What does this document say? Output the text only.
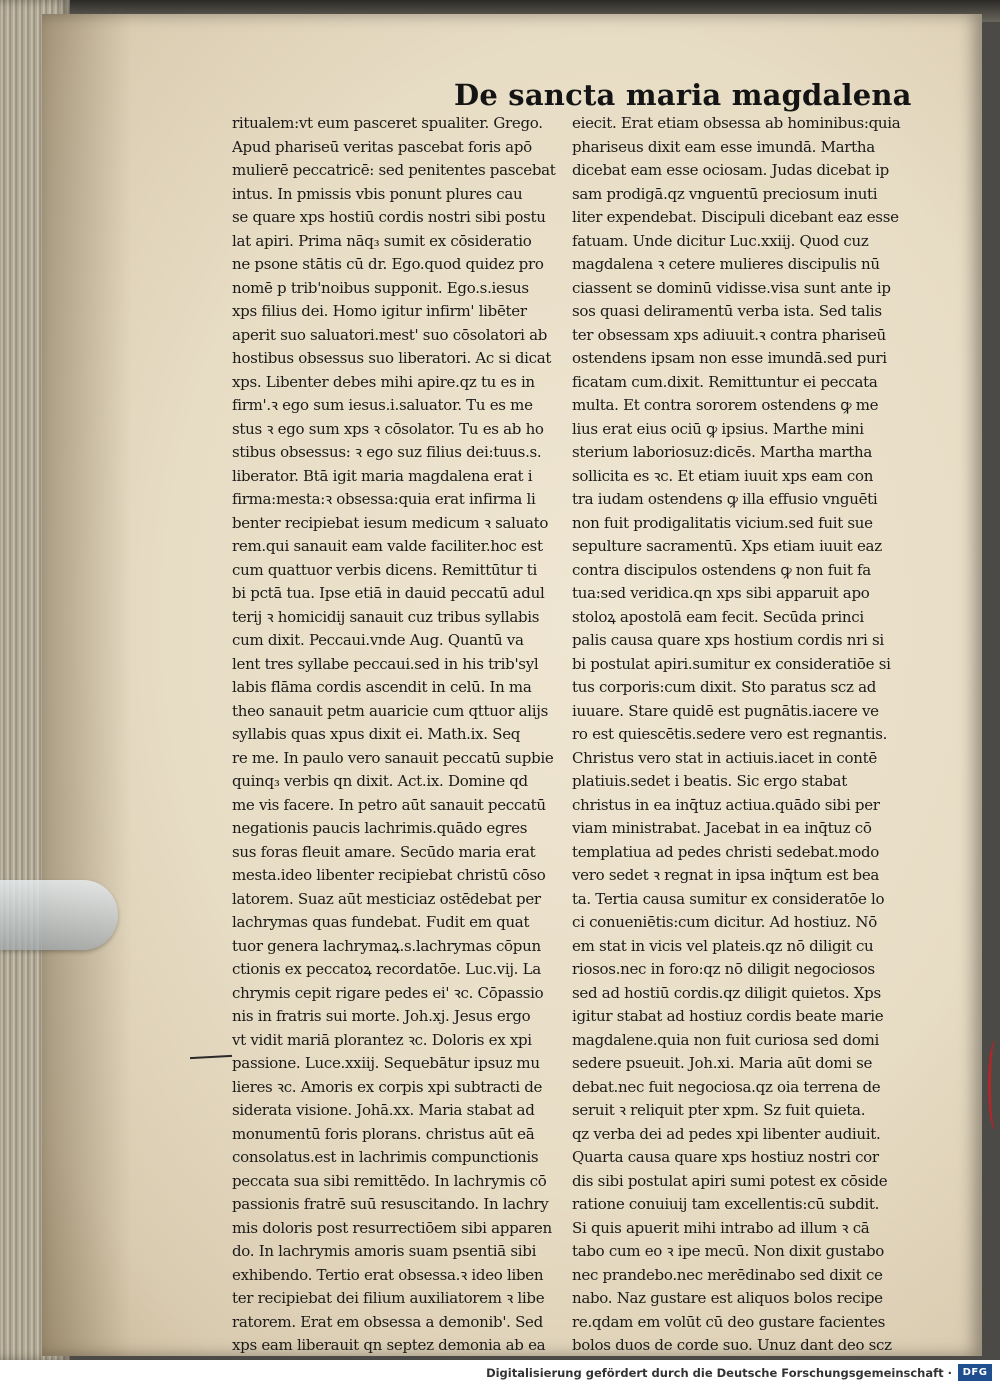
De sancta maria magdalena
ritualem:vt eum pasceret spualiter. Grego.
Apud phariseū veritas pascebat foris apō
mulierē peccatricē: sed penitentes pascebat
intus. In pmissis vbis ponunt plures cau
se quare xps hostiū cordis nostri sibi postu
lat apiri. Prima nāq₃ sumit ex cōsideratio
ne psone stātis cū dr. Ego.quod quidez pro
nomē p trib'noibus supponit. Ego.s.iesus
xps filius dei. Homo igitur infirm' libēter
aperit suo saluatori.mest' suo cōsolatori ab
hostibus obsessus suo liberatori. Ac si dicat
xps. Libenter debes mihi apire.qz tu es in
firm'.ꝛ ego sum iesus.i.saluator. Tu es me
stus ꝛ ego sum xps ꝛ cōsolator. Tu es ab ho
stibus obsessus: ꝛ ego suz filius dei:tuus.s.
liberator. Btā igit maria magdalena erat i
firma:mesta:ꝛ obsessa:quia erat infirma li
benter recipiebat iesum medicum ꝛ saluato
rem.qui sanauit eam valde faciliter.hoc est
cum quattuor verbis dicens. Remittūtur ti
bi pctā tua. Ipse etiā in dauid peccatū adul
terij ꝛ homicidij sanauit cuz tribus syllabis
cum dixit. Peccaui.vnde Aug. Quantū va
lent tres syllabe peccaui.sed in his trib'syl
labis flāma cordis ascendit in celū. In ma
theo sanauit petm auaricie cum qttuor alijs
syllabis quas xpus dixit ei. Math.ix. Seq
re me. In paulo vero sanauit peccatū supbie
quinq₃ verbis qn dixit. Act.ix. Domine qd
me vis facere. In petro aūt sanauit peccatū
negationis paucis lachrimis.quādo egres
sus foras fleuit amare. Secūdo maria erat
mesta.ideo libenter recipiebat christū cōso
latorem. Suaz aūt mesticiaz ostēdebat per
lachrymas quas fundebat. Fudit em quat
tuor genera lachrymaꝝ.s.lachrymas cōpun
ctionis ex peccatoꝝ recordatōe. Luc.vij. La
chrymis cepit rigare pedes ei' ꝛc. Cōpassio
nis in fratris sui morte. Joh.xj. Jesus ergo
vt vidit mariā plorantez ꝛc. Doloris ex xpi
passione. Luce.xxiij. Sequebātur ipsuz mu
lieres ꝛc. Amoris ex corpis xpi subtracti de
siderata visione. Johā.xx. Maria stabat ad
monumentū foris plorans. christus aūt eā
consolatus.est in lachrimis compunctionis
peccata sua sibi remittēdo. In lachrymis cō
passionis fratrē suū resuscitando. In lachry
mis doloris post resurrectiōem sibi apparen
do. In lachrymis amoris suam psentiā sibi
exhibendo. Tertio erat obsessa.ꝛ ideo liben
ter recipiebat dei filium auxiliatorem ꝛ libe
ratorem. Erat em obsessa a demonib'. Sed
xps eam liberauit qn septez demonia ab ea
eiecit. Erat etiam obsessa ab hominibus:quia
phariseus dixit eam esse imundā. Martha
dicebat eam esse ociosam. Judas dicebat ip
sam prodigā.qz vnguentū preciosum inuti
liter expendebat. Discipuli dicebant eaz esse
fatuam. Unde dicitur Luc.xxiij. Quod cuz
magdalena ꝛ cetere mulieres discipulis nū
ciassent se dominū vidisse.visa sunt ante ip
sos quasi deliramentū verba ista. Sed talis
ter obsessam xps adiuuit.ꝛ contra phariseū
ostendens ipsam non esse imundā.sed puri
ficatam cum.dixit. Remittuntur ei peccata
multa. Et contra sororem ostendens ꝙ me
lius erat eius ociū ꝙ ipsius. Marthe mini
sterium laboriosuz:dicēs. Martha martha
sollicita es ꝛc. Et etiam iuuit xps eam con
tra iudam ostendens ꝙ illa effusio vnguēti
non fuit prodigalitatis vicium.sed fuit sue
sepulture sacramentū. Xps etiam iuuit eaz
contra discipulos ostendens ꝙ non fuit fa
tua:sed veridica.qn xps sibi apparuit apo
stoloꝝ apostolā eam fecit. Secūda princi
palis causa quare xps hostium cordis nri si
bi postulat apiri.sumitur ex consideratiōe si
tus corporis:cum dixit. Sto paratus scz ad
iuuare. Stare quidē est pugnātis.iacere ve
ro est quiescētis.sedere vero est regnantis.
Christus vero stat in actiuis.iacet in contē
platiuis.sedet i beatis. Sic ergo stabat
christus in ea inq̄tuz actiua.quādo sibi per
viam ministrabat. Jacebat in ea inq̄tuz cō
templatiua ad pedes christi sedebat.modo
vero sedet ꝛ regnat in ipsa inq̄tum est bea
ta. Tertia causa sumitur ex consideratōe lo
ci conueniētis:cum dicitur. Ad hostiuz. Nō
em stat in vicis vel plateis.qz nō diligit cu
riosos.nec in foro:qz nō diligit negociosos
sed ad hostiū cordis.qz diligit quietos. Xps
igitur stabat ad hostiuz cordis beate marie
magdalene.quia non fuit curiosa sed domi
sedere psueuit. Joh.xi. Maria aūt domi se
debat.nec fuit negociosa.qz oia terrena de
seruit ꝛ reliquit pter xpm. Sz fuit quieta.
qz verba dei ad pedes xpi libenter audiuit.
Quarta causa quare xps hostiuz nostri cor
dis sibi postulat apiri sumi potest ex cōside
ratione conuiuij tam excellentis:cū subdit.
Si quis apuerit mihi intrabo ad illum ꝛ cā
tabo cum eo ꝛ ipe mecū. Non dixit gustabo
nec prandebo.nec merēdinabo sed dixit ce
nabo. Naz gustare est aliquos bolos recipe
re.qdam em volūt cū deo gustare facientes
bolos duos de corde suo. Unuz dant deo scz
Digitalisierung gefördert durch die Deutsche Forschungsgemeinschaft ·	DFG
